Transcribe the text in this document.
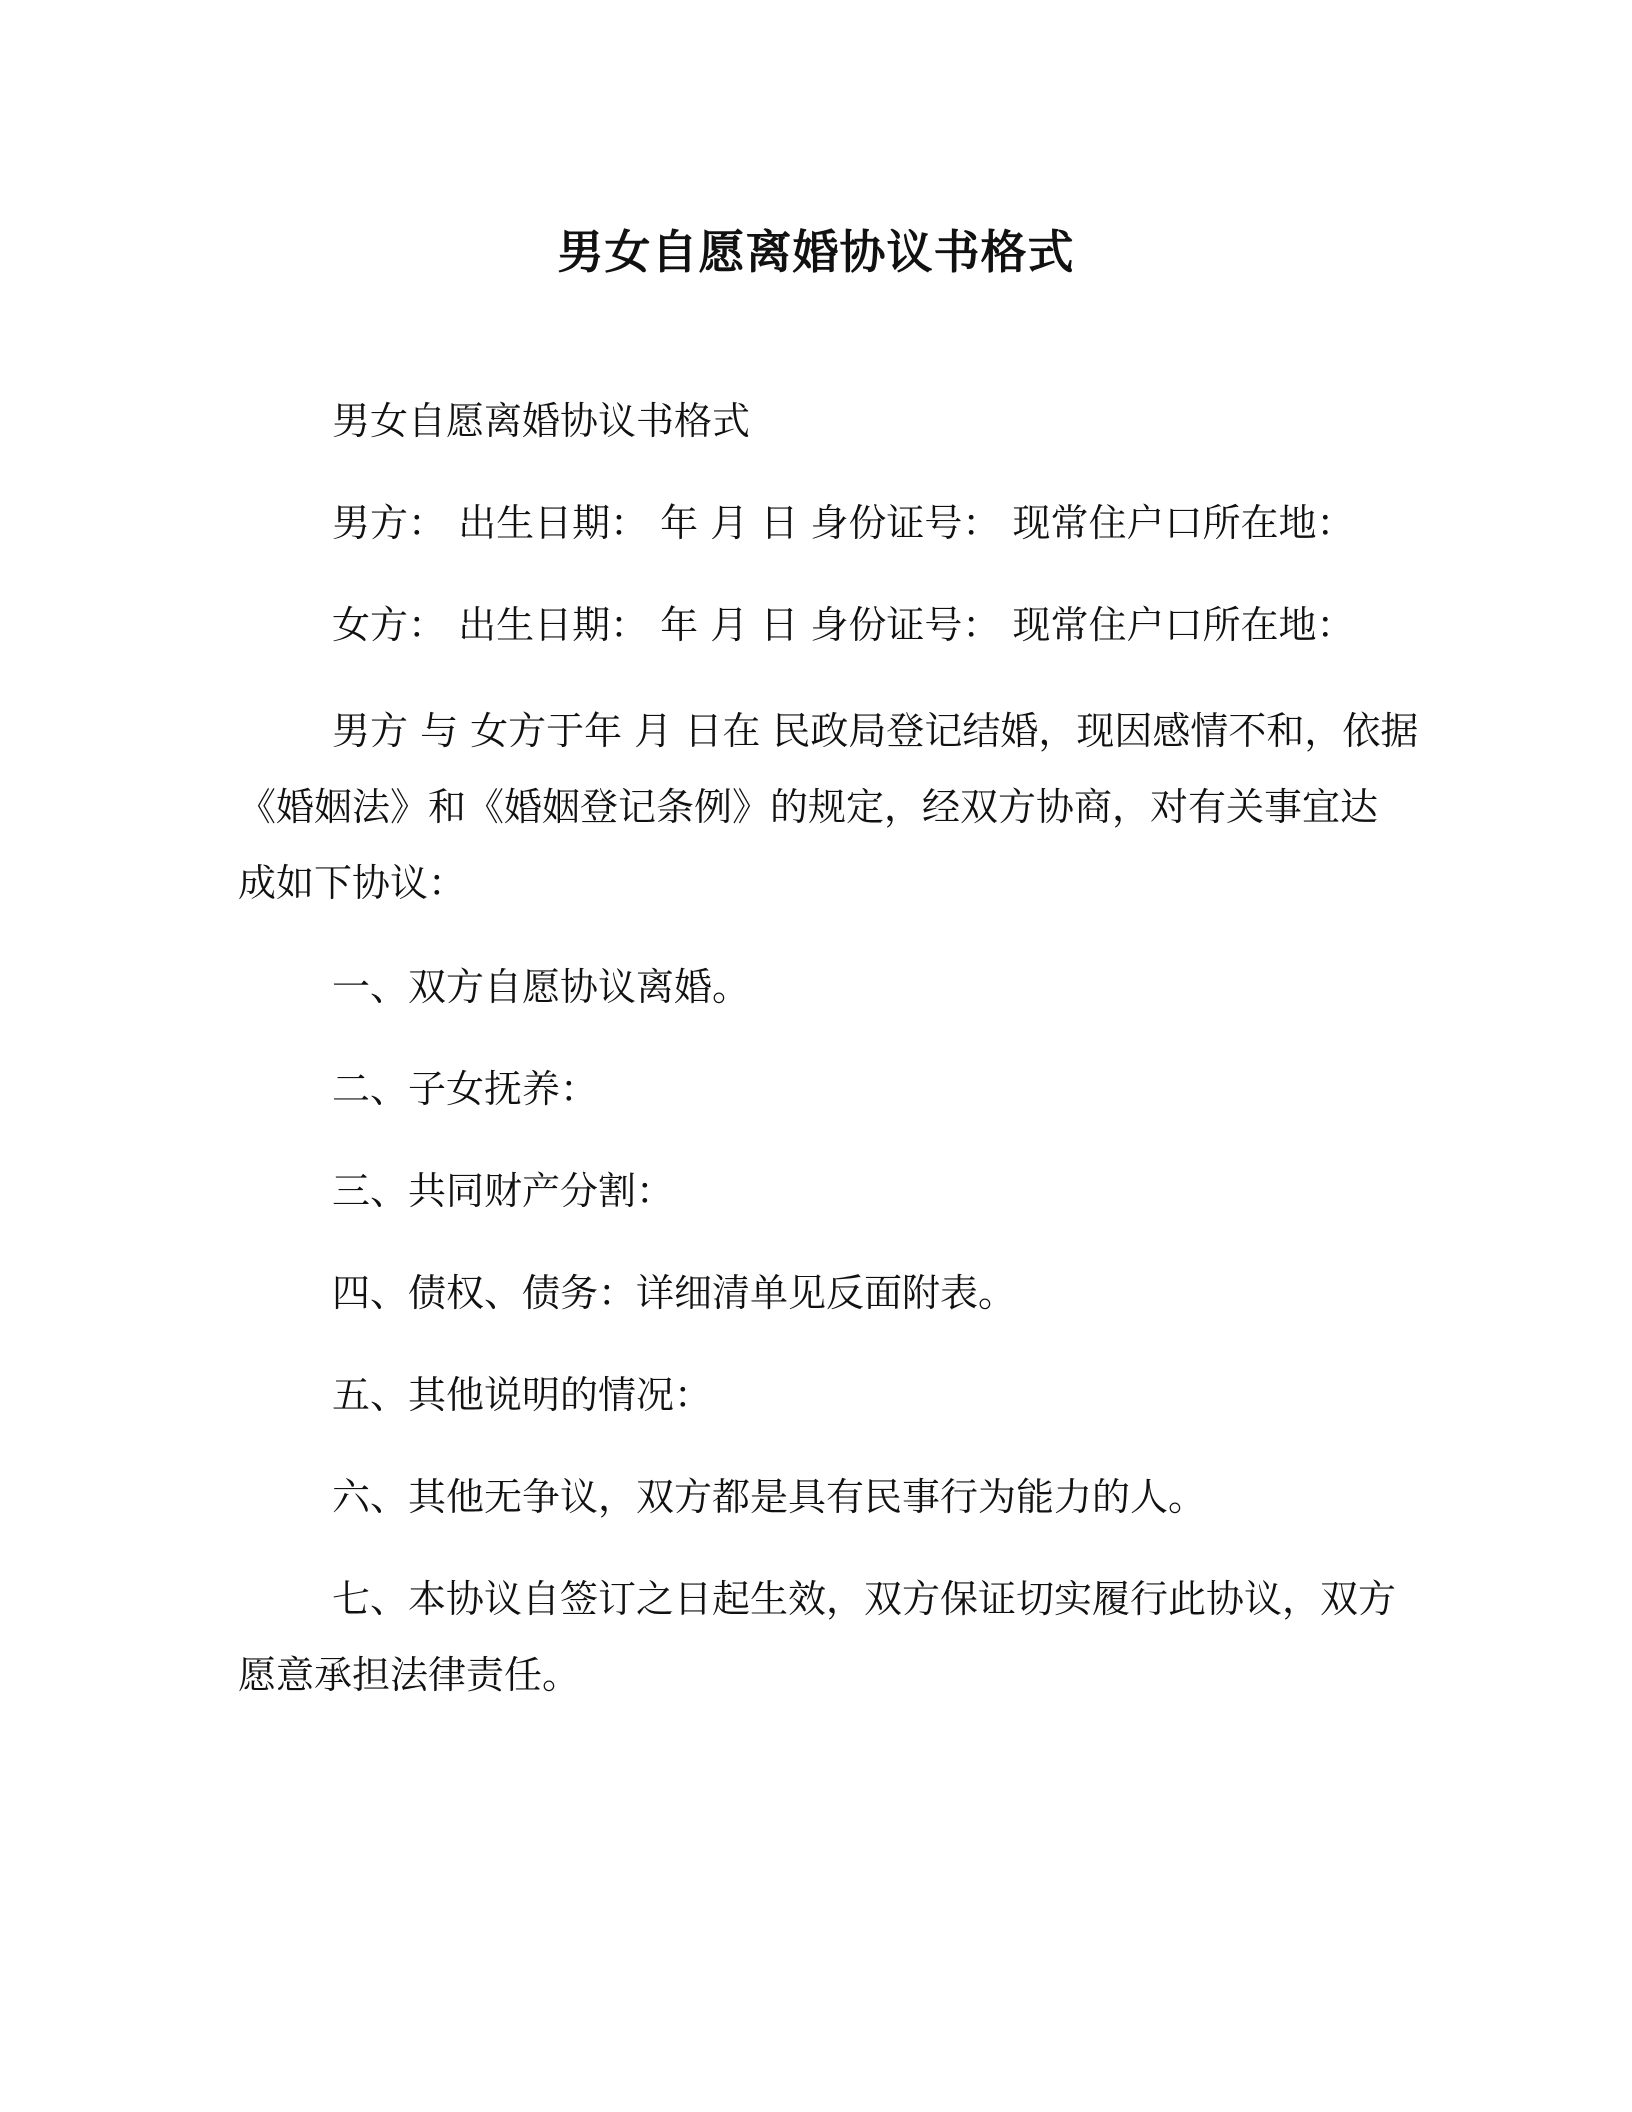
男女自愿离婚协议书格式
男女自愿离婚协议书格式
男方： 出生日期： 年 月 日 身份证号： 现常住户口所在地：
女方： 出生日期： 年 月 日 身份证号： 现常住户口所在地：
男方 与 女方于年 月 日在 民政局登记结婚，现因感情不和，依据
《婚姻法》和《婚姻登记条例》的规定，经双方协商，对有关事宜达
成如下协议：
一、双方自愿协议离婚。
二、子女抚养：
三、共同财产分割：
四、债权、债务：详细清单见反面附表。
五、其他说明的情况：
六、其他无争议，双方都是具有民事行为能力的人。
七、本协议自签订之日起生效，双方保证切实履行此协议，双方
愿意承担法律责任。
